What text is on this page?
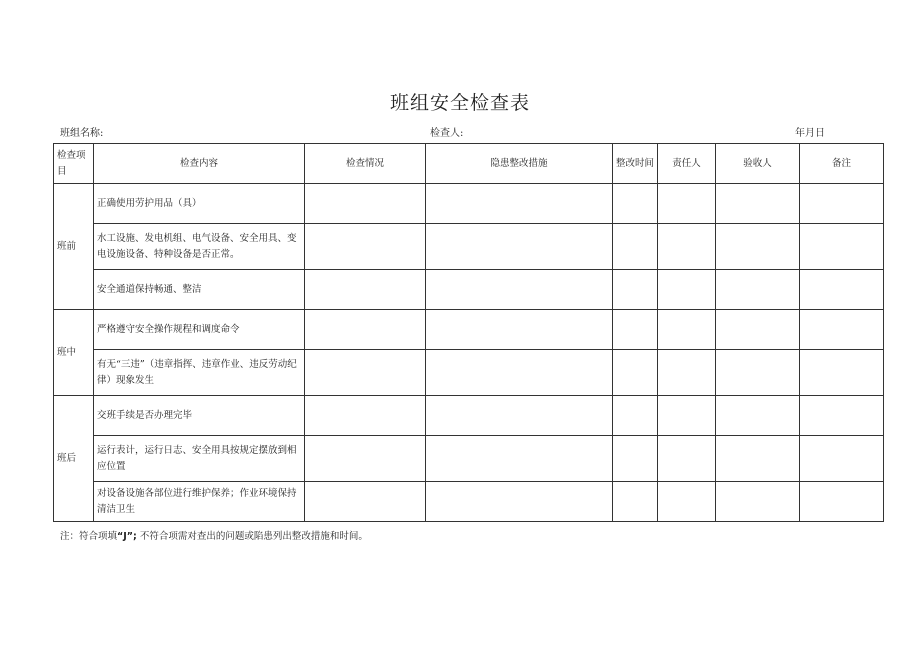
班组安全检查表
班组名称:	检查人:	年月日
检查项目	检查内容	检查情况	隐患整改措施	整改时间	责任人	验收人	备注
班前	正确使用劳护用品（具）						
	水工设施、发电机组、电气设备、安全用具、变电设施设备、特种设备是否正常。						
	安全通道保持畅通、整洁						
班中	严格遵守安全操作规程和调度命令						
	有无“三违”（违章指挥、违章作业、违反劳动纪律）现象发生						
班后	交班手续是否办理完毕						
	运行表计，运行日志、安全用具按规定摆放到相应位置						
	对设备设施各部位进行维护保养；作业环境保持清洁卫生						
注：符合项填“J”; 不符合项需对查出的问题或陷患列出整改措施和时间。
